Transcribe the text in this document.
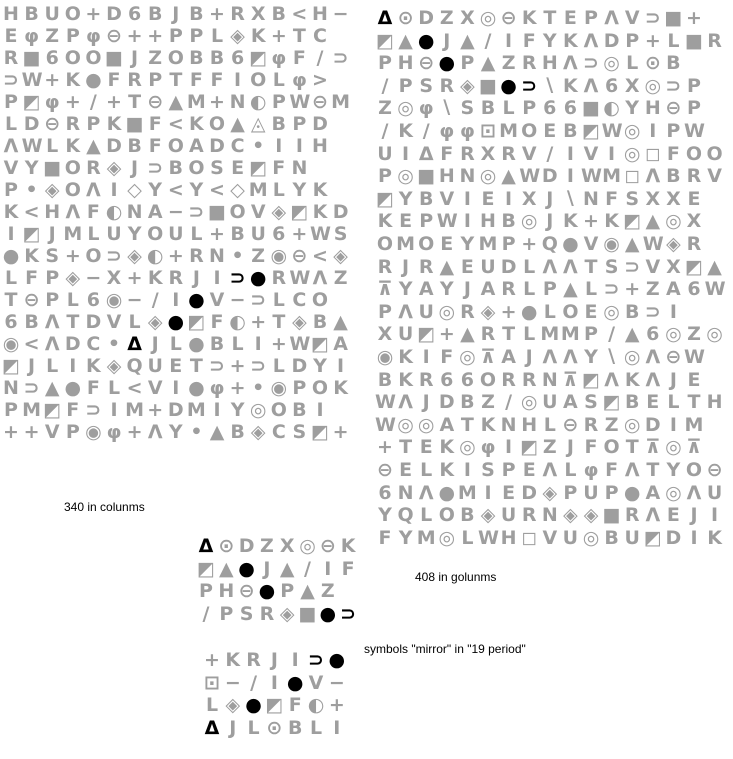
H B U O + D 6 B J B + R X B < H −
E φ Z P φ ⊖ + + P P L ◈ K + T C
R ■ 6 O O ■ J Z O B B 6 ◩ φ F / ⊃
⊃ W + K ● F R P T F F I O L φ >
P ◩ φ + / + T ⊖ ▲ M + N ◐ P W ⊖ M
L D ⊖ R P K ■ F < K O ▲ ◬ B P D
Λ W L K ▲ D B F O A D C • I I H
V Y ■ O R ◈ J ⊃ B O S E ◩ F N
P • ◈ O Λ I ◇ Y < Y < ◇ M L Y K
K < H Λ F ◐ N A − ⊃ ■ O V ◈ ◩ K D
I ◩ J M L U Y O U L + B U 6 + W S
● K S + O ⊃ ◈ ◐ + R N • Z ◉ ⊖ < ◈
L F P ◈ − X + K R J I ⊃ ● R W Λ Z
T ⊖ P L 6 ◉ − / I ● V − ⊃ L C O
6 B Λ T D V L ◈ ● ◩ F ◐ + T ◈ B ▲
◉ < Λ D C • Δ J L ● B L I + W ◩ A
◩ J L I K ◈ Q U E T ⊃ + ⊃ L D Y I
N ⊃ ▲ ● F L < V I ● φ + • ◉ P O K
P M ◩ F ⊃ I M + D M I Y ◎ O B I
+ + V P ◉ φ + Λ Y • ▲ B ◈ C S ◩ +
Δ ⊙ D Z X ◎ ⊖ K T E P Λ V ⊃ ■ +
◩ ▲ ● J ▲ / I F Y K Λ D P + L ■ R
P H ⊖ ● P ▲ Z R H Λ ⊃ ◎ L ⊙ B
/ P S R ◈ ■ ● ⊃ ∖ K Λ 6 X ◎ ⊃ P
Z ◎ φ ∖ S B L P 6 6 ■ ◐ Y H ⊖ P
/ K / φ φ ⊡ M O E B ◩ W ◎ I P W
U I Δ F R X R V / I V I ◎ ◻ F O O
P ◎ ■ H N ◎ ▲ W D I W M ◻ Λ B R V
◩ Y B V I E I X J ∖ N F S X X E
K E P W I H B ◎ J K + K ◩ ▲ ◎ X
O M O E Y M P + Q ● V ◉ ▲ W ◈ R
R J R ▲ E U D L Λ Λ T S ⊃ V X ◩ ▲
⊼ Y A Y J A R L P ▲ L ⊃ + Z A 6 W
P Λ U ◎ R ◈ + ● L O E ◎ B ⊃ I
X U ◩ + ▲ R T L M M P / ▲ 6 ◎ Z ◎
◉ K I F ◎ ⊼ A J Λ Λ Y ∖ ◎ Λ ⊖ W
B K R 6 6 O R R N ⊼ ◩ Λ K Λ J E
W Λ J D B Z / ◎ U A S ◩ B E L T H
W ◎ ◎ A T K N H L ⊖ R Z ◎ D I M
+ T E K ◎ φ I ◩ Z J F O T ⊼ ◎ ⊼
⊖ E L K I S P E Λ L φ F Λ T Y O ⊖
6 N Λ ● M I E D ◈ P U P ● A ◎ Λ U
Y Q L O B ◈ U R N ◈ ◈ ■ R Λ E J I
F Y M ◎ L W H ◻ V U ◎ B U ◩ D I K
Δ ⊙ D Z X ◎ ⊖ K
◩ ▲ ● J ▲ / I F
P H ⊖ ● P ▲ Z
/ P S R ◈ ■ ● ⊃
+ K R J I ⊃ ●
⊡ − / I ● V −
L ◈ ● ◩ F ◐ +
Δ J L ⊙ B L I
340 in colunms
408 in golunms
symbols "mirror" in "19 period"
